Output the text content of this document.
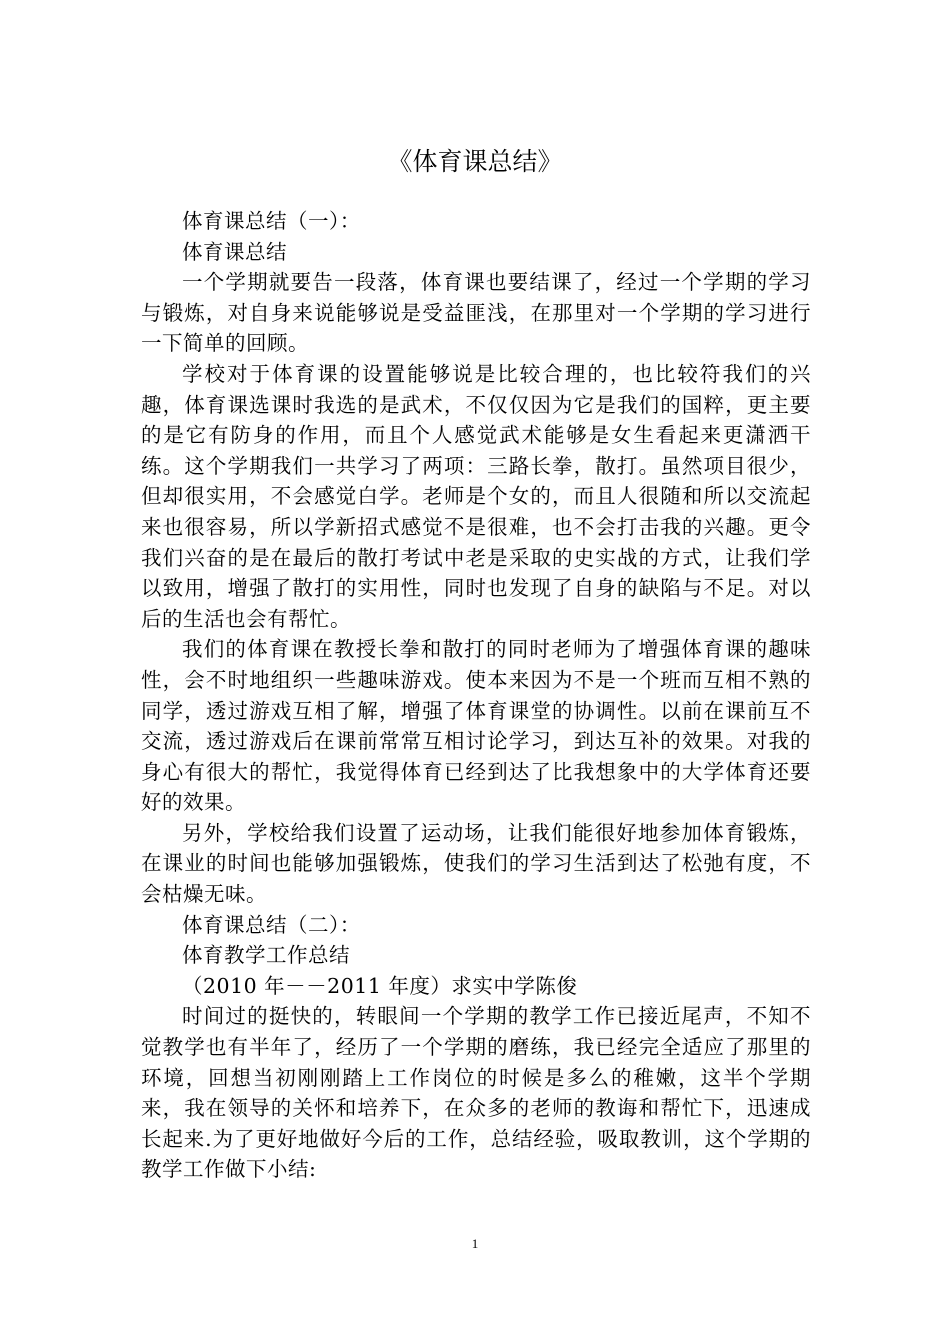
《体育课总结》

体育课总结（一）：

体育课总结

一个学期就要告一段落，体育课也要结课了，经过一个学期的学习与锻炼，对自身来说能够说是受益匪浅，在那里对一个学期的学习进行一下简单的回顾。

学校对于体育课的设置能够说是比较合理的，也比较符我们的兴趣，体育课选课时我选的是武术，不仅仅因为它是我们的国粹，更主要的是它有防身的作用，而且个人感觉武术能够是女生看起来更潇洒干练。这个学期我们一共学习了两项：三路长拳，散打。虽然项目很少，但却很实用，不会感觉白学。老师是个女的，而且人很随和所以交流起来也很容易，所以学新招式感觉不是很难，也不会打击我的兴趣。更令我们兴奋的是在最后的散打考试中老是采取的史实战的方式，让我们学以致用，增强了散打的实用性，同时也发现了自身的缺陷与不足。对以后的生活也会有帮忙。

我们的体育课在教授长拳和散打的同时老师为了增强体育课的趣味性，会不时地组织一些趣味游戏。使本来因为不是一个班而互相不熟的同学，透过游戏互相了解，增强了体育课堂的协调性。以前在课前互不交流，透过游戏后在课前常常互相讨论学习，到达互补的效果。对我的身心有很大的帮忙，我觉得体育已经到达了比我想象中的大学体育还要好的效果。

另外，学校给我们设置了运动场，让我们能很好地参加体育锻炼，在课业的时间也能够加强锻炼，使我们的学习生活到达了松弛有度，不会枯燥无味。

体育课总结（二）：

体育教学工作总结

（2010 年－－2011 年度）求实中学陈俊

时间过的挺快的，转眼间一个学期的教学工作已接近尾声，不知不觉教学也有半年了，经历了一个学期的磨练，我已经完全适应了那里的环境，回想当初刚刚踏上工作岗位的时候是多么的稚嫩，这半个学期来，我在领导的关怀和培养下，在众多的老师的教诲和帮忙下，迅速成长起来.为了更好地做好今后的工作，总结经验，吸取教训，这个学期的教学工作做下小结:

1
